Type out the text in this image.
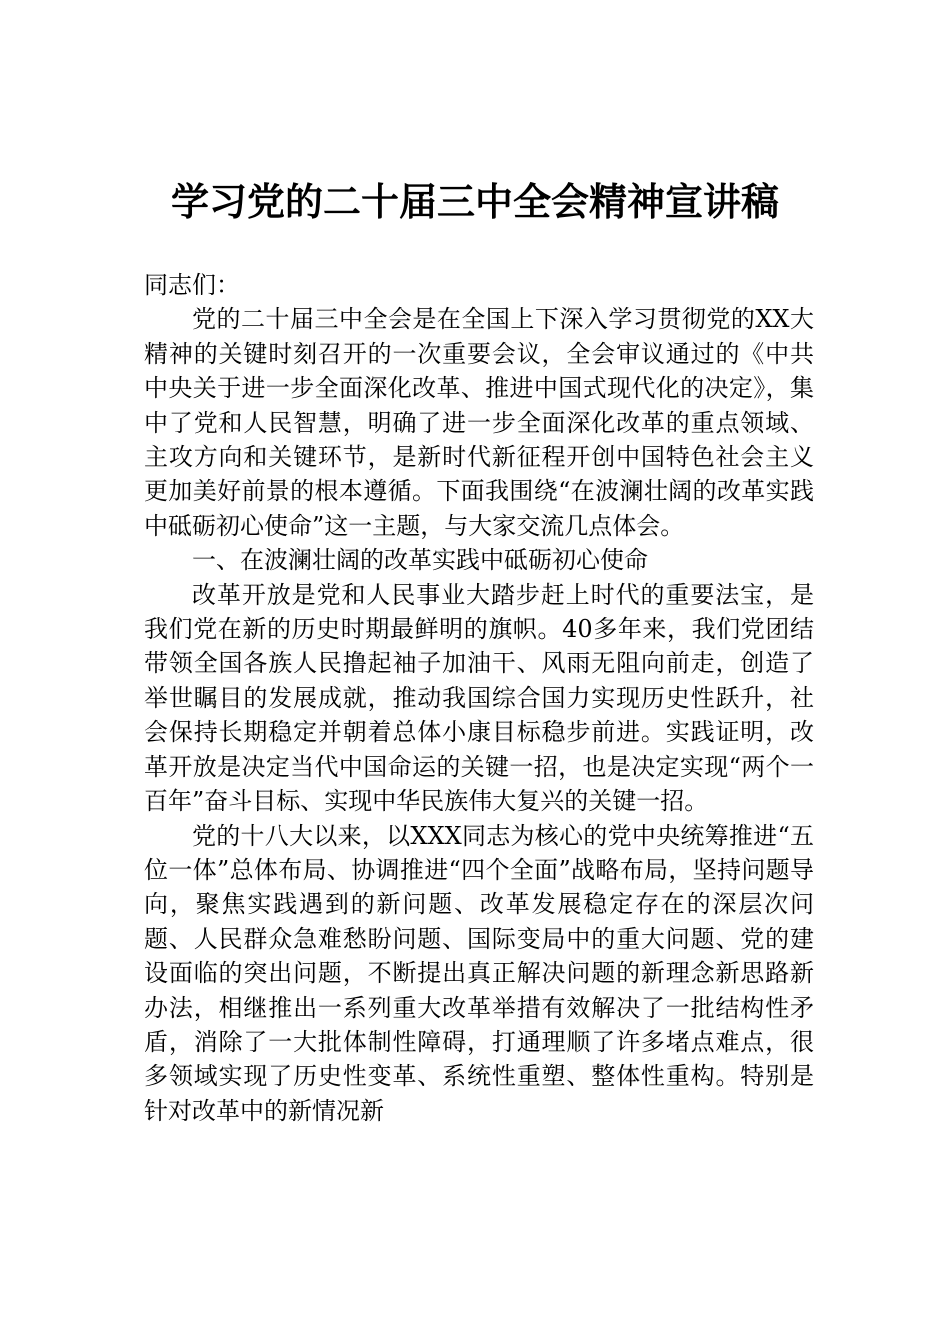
学习党的二十届三中全会精神宣讲稿

同志们：

党的二十届三中全会是在全国上下深入学习贯彻党的XX大精神的关键时刻召开的一次重要会议，全会审议通过的《中共中央关于进一步全面深化改革、推进中国式现代化的决定》，集中了党和人民智慧，明确了进一步全面深化改革的重点领域、主攻方向和关键环节，是新时代新征程开创中国特色社会主义更加美好前景的根本遵循。下面我围绕“在波澜壮阔的改革实践中砥砺初心使命”这一主题，与大家交流几点体会。

一、在波澜壮阔的改革实践中砥砺初心使命

改革开放是党和人民事业大踏步赶上时代的重要法宝，是我们党在新的历史时期最鲜明的旗帜。40多年来，我们党团结带领全国各族人民撸起袖子加油干、风雨无阻向前走，创造了举世瞩目的发展成就，推动我国综合国力实现历史性跃升，社会保持长期稳定并朝着总体小康目标稳步前进。实践证明，改革开放是决定当代中国命运的关键一招，也是决定实现“两个一百年”奋斗目标、实现中华民族伟大复兴的关键一招。

党的十八大以来，以XXX同志为核心的党中央统筹推进“五位一体”总体布局、协调推进“四个全面”战略布局，坚持问题导向，聚焦实践遇到的新问题、改革发展稳定存在的深层次问题、人民群众急难愁盼问题、国际变局中的重大问题、党的建设面临的突出问题，不断提出真正解决问题的新理念新思路新办法，相继推出一系列重大改革举措有效解决了一批结构性矛盾，消除了一大批体制性障碍，打通理顺了许多堵点难点，很多领域实现了历史性变革、系统性重塑、整体性重构。特别是针对改革中的新情况新
